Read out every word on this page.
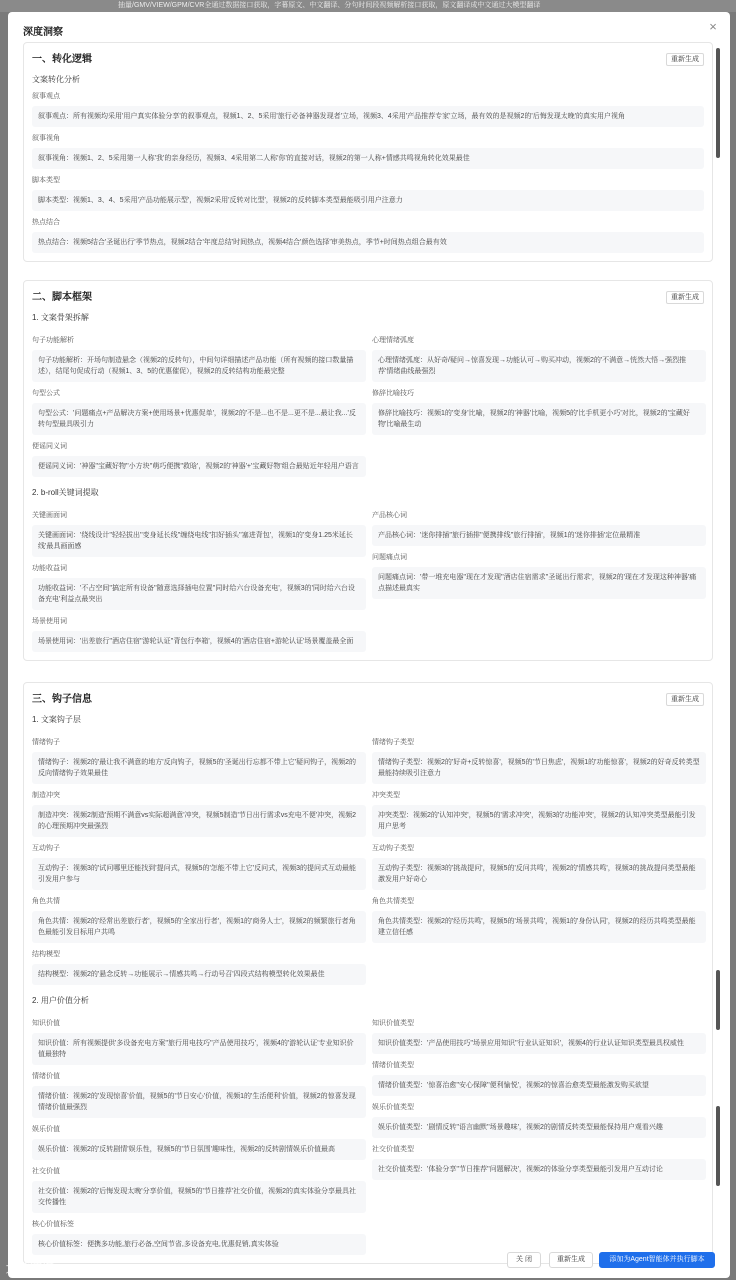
抽量/GMV/VIEW/GPM/CVR全通过数据接口获取，字幕原文、中文翻译、分句时间段视频解析接口获取，原文翻译成中文通过大模型翻译
深度洞察	×
一、转化逻辑	重新生成
文案转化分析
叙事观点
叙事观点：所有视频均采用'用户真实体验分享'的叙事观点，视频1、2、5采用'旅行必备神器发现者'立场，视频3、4采用'产品推荐专家'立场，最有效的是视频2的'后悔发现太晚'的真实用户视角
叙事视角
叙事视角：视频1、2、5采用第一人称'我'的亲身经历，视频3、4采用第二人称'你'的直接对话，视频2的第一人称+情感共鸣视角转化效果最佳
脚本类型
脚本类型：视频1、3、4、5采用'产品功能展示型'，视频2采用'反转对比型'，视频2的反转脚本类型最能吸引用户注意力
热点结合
热点结合：视频5结合'圣诞出行'季节热点，视频2结合'年度总结'时间热点，视频4结合'颜色选择'审美热点，季节+时间热点组合最有效
二、脚本框架	重新生成
1. 文案骨架拆解
句子功能解析
句子功能解析：开场句制造悬念（视频2的反转句），中间句详细描述产品功能（所有视频的接口数量描述），结尾句促成行动（视频1、3、5的优惠催促），视频2的反转结构功能最完整
句型公式
句型公式：'问题痛点+产品解决方案+使用场景+优惠促单'，视频2的'不是...也不是...更不是...最让我...'反转句型最具吸引力
便谣同义词
便谣同义词：'神器''宝藏好物''小方块''萌巧便携''救晗'，视频2的'神器'+'宝藏好物'组合最贴近年轻用户语言
心理情绪弧度
心理情绪弧度：从好奇/疑问→惊喜发现→功能认可→购买冲动，视频2的'不满意→恍然大悟→强烈推荐'情绪曲线最强烈
修辞比喻技巧
修辞比喻技巧：视频1的'变身'比喻，视频2的'神器'比喻，视频5的'比手机更小巧'对比，视频2的'宝藏好物'比喻最生动
2. b-roll关键词提取
关键画面词
关键画面词：'绕线设计''轻轻拔出''变身延长线''缠绕电线''扣好插头''塞进背包'，视频1的'变身1.25米延长线'最具画面感
功能收益词
功能收益词：'不占空间''搞定所有设备''随意选择插电位置''同时给六台设备充电'，视频3的'同时给六台设备充电'利益点最突出
场景使用词
场景使用词：'出差旅行''酒店住宿''游轮认证''背包行李箱'，视频4的'酒店住宿+游轮认证'场景覆盖最全面
产品核心词
产品核心词：'迷你排插''旅行插排''便携排线''旅行排插'，视频1的'迷你排插'定位最精准
问题痛点词
问题痛点词：'带一堆充电器''现在才发现''酒店住宿需求''圣诞出行需求'，视频2的'现在才发现这种神器'痛点描述最真实
三、钩子信息	重新生成
1. 文案钩子层
情绪钩子
情绪钩子：视频2的'最让我不满意的地方'反向钩子，视频5的'圣诞出行忘都不带上它'疑问钩子，视频2的反向情绪钩子效果最佳
制造冲突
制造冲突：视频2制造'预期不满意vs实际超满意'冲突，视频5制造'节日出行需求vs充电不便'冲突，视频2的心理预期冲突最强烈
互动钩子
互动钩子：视频3的'试问哪里还能找到'提问式，视频5的'怎能不带上它'反问式，视频3的提问式互动最能引发用户参与
角色共情
角色共情：视频2的'经常出差旅行者'，视频5的'全家出行者'，视频1的'商务人士'，视频2的频繁旅行者角色最能引发目标用户共鸣
结构模型
结构模型：视频2的'悬念反转→功能展示→情感共鸣→行动号召'四段式结构模型转化效果最佳
情绪钩子类型
情绪钩子类型：视频2的'好奇+反转惊喜'，视频5的'节日焦虑'，视频1的'功能惊喜'，视频2的好奇反转类型最能持续吸引注意力
冲突类型
冲突类型：视频2的'认知冲突'，视频5的'需求冲突'，视频3的'功能冲突'，视频2的认知冲突类型最能引发用户思考
互动钩子类型
互动钩子类型：视频3的'挑战提问'，视频5的'反问共鸣'，视频2的'情感共鸣'，视频3的挑战提问类型最能激发用户好奇心
角色共情类型
角色共情类型：视频2的'经历共鸣'，视频5的'场景共鸣'，视频1的'身份认同'，视频2的经历共鸣类型最能建立信任感
2. 用户价值分析
知识价值
知识价值：所有视频提供'多设备充电方案''旅行用电技巧''产品使用技巧'，视频4的'游轮认证'专业知识价值最独特
情绪价值
情绪价值：视频2的'发现惊喜'价值，视频5的'节日安心'价值，视频1的'生活便利'价值，视频2的惊喜发现情绪价值最强烈
娱乐价值
娱乐价值：视频2的'反转剧情'娱乐性，视频5的'节日氛围'趣味性，视频2的反转剧情娱乐价值最高
社交价值
社交价值：视频2的'后悔发现太晚'分享价值，视频5的'节日推荐'社交价值，视频2的真实体验分享最具社交传播性
核心价值标签
核心价值标签：便携多功能,旅行必备,空间节省,多设备充电,优惠促销,真实体验
知识价值类型
知识价值类型：'产品使用技巧''场景应用知识''行业认证知识'，视频4的行业认证知识类型最具权威性
情绪价值类型
情绪价值类型：'惊喜治愈''安心保障''便利愉悦'，视频2的惊喜治愈类型最能激发购买欲望
娱乐价值类型
娱乐价值类型：'剧情反转''语言幽默''场景趣味'，视频2的剧情反转类型最能保持用户观看兴趣
社交价值类型
社交价值类型：'体验分享''节日推荐''问题解决'，视频2的体验分享类型最能引发用户互动讨论
关 闭	重新生成	添加为Agent智能体并执行脚本
大数跨境
